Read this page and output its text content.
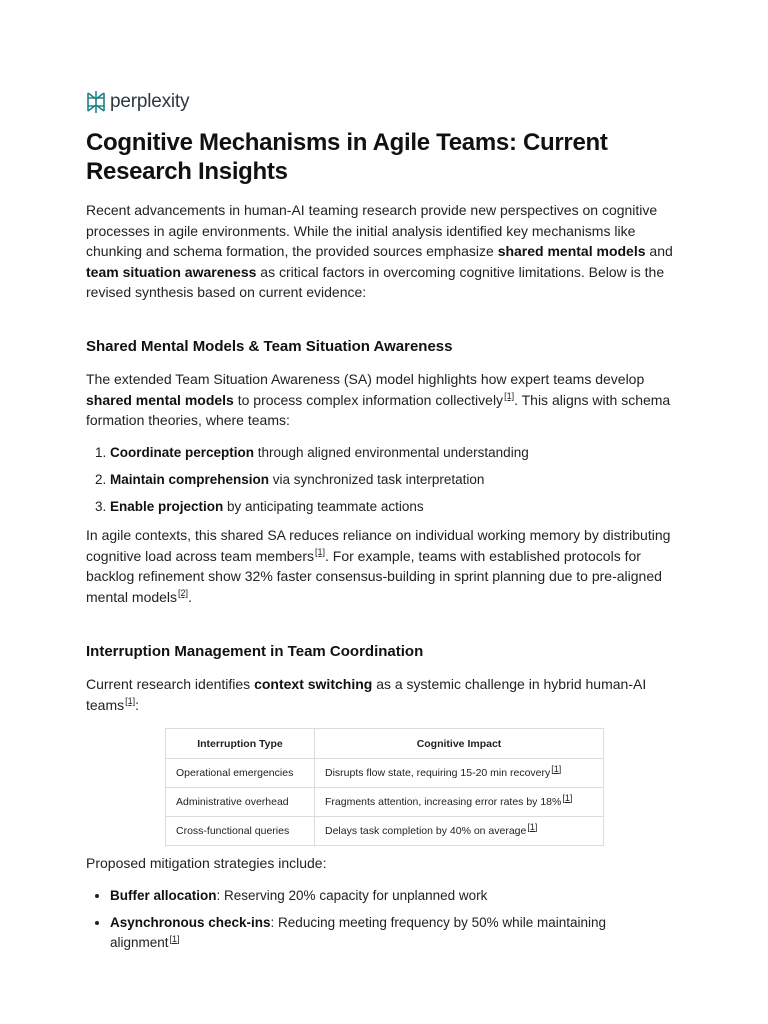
perplexity
Cognitive Mechanisms in Agile Teams: Current Research Insights

Recent advancements in human-AI teaming research provide new perspectives on cognitive processes in agile environments. While the initial analysis identified key mechanisms like chunking and schema formation, the provided sources emphasize shared mental models and team situation awareness as critical factors in overcoming cognitive limitations. Below is the revised synthesis based on current evidence:

Shared Mental Models & Team Situation Awareness

The extended Team Situation Awareness (SA) model highlights how expert teams develop shared mental models to process complex information collectively[1]. This aligns with schema formation theories, where teams:

1. Coordinate perception through aligned environmental understanding
2. Maintain comprehension via synchronized task interpretation
3. Enable projection by anticipating teammate actions

In agile contexts, this shared SA reduces reliance on individual working memory by distributing cognitive load across team members[1]. For example, teams with established protocols for backlog refinement show 32% faster consensus-building in sprint planning due to pre-aligned mental models[2].

Interruption Management in Team Coordination

Current research identifies context switching as a systemic challenge in hybrid human-AI teams[1]:

Interruption Type	Cognitive Impact
Operational emergencies	Disrupts flow state, requiring 15-20 min recovery[1]
Administrative overhead	Fragments attention, increasing error rates by 18%[1]
Cross-functional queries	Delays task completion by 40% on average[1]

Proposed mitigation strategies include:

• Buffer allocation: Reserving 20% capacity for unplanned work
• Asynchronous check-ins: Reducing meeting frequency by 50% while maintaining alignment[1]
